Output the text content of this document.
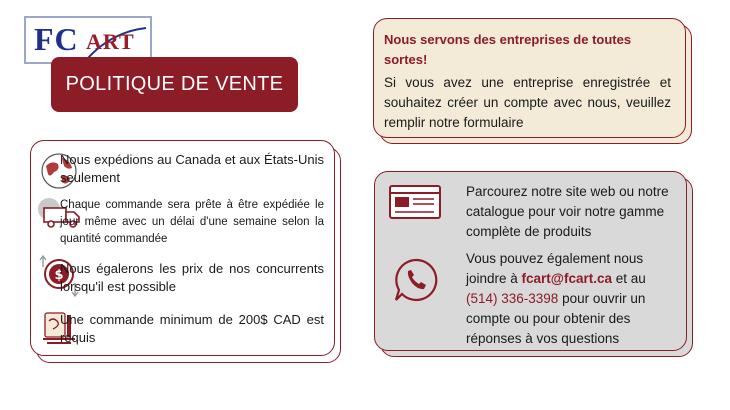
FC ART
POLITIQUE DE VENTE
Nous expédions au Canada et aux États-Unis seulement
Chaque commande sera prête à être expédiée le jour même avec un délai d'une semaine selon la quantité commandée
$
Nous égalerons les prix de nos concurrents lorsqu'il est possible
Une commande minimum de 200$ CAD est requis
Nous servons des entreprises de toutes sortes!
Si vous avez une entreprise enregistrée et souhaitez créer un compte avec nous, veuillez remplir notre formulaire
Parcourez notre site web ou notre catalogue pour voir notre gamme complète de produits
Vous pouvez également nous joindre à fcart@fcart.ca et au (514) 336-3398 pour ouvrir un compte ou pour obtenir des réponses à vos questions
